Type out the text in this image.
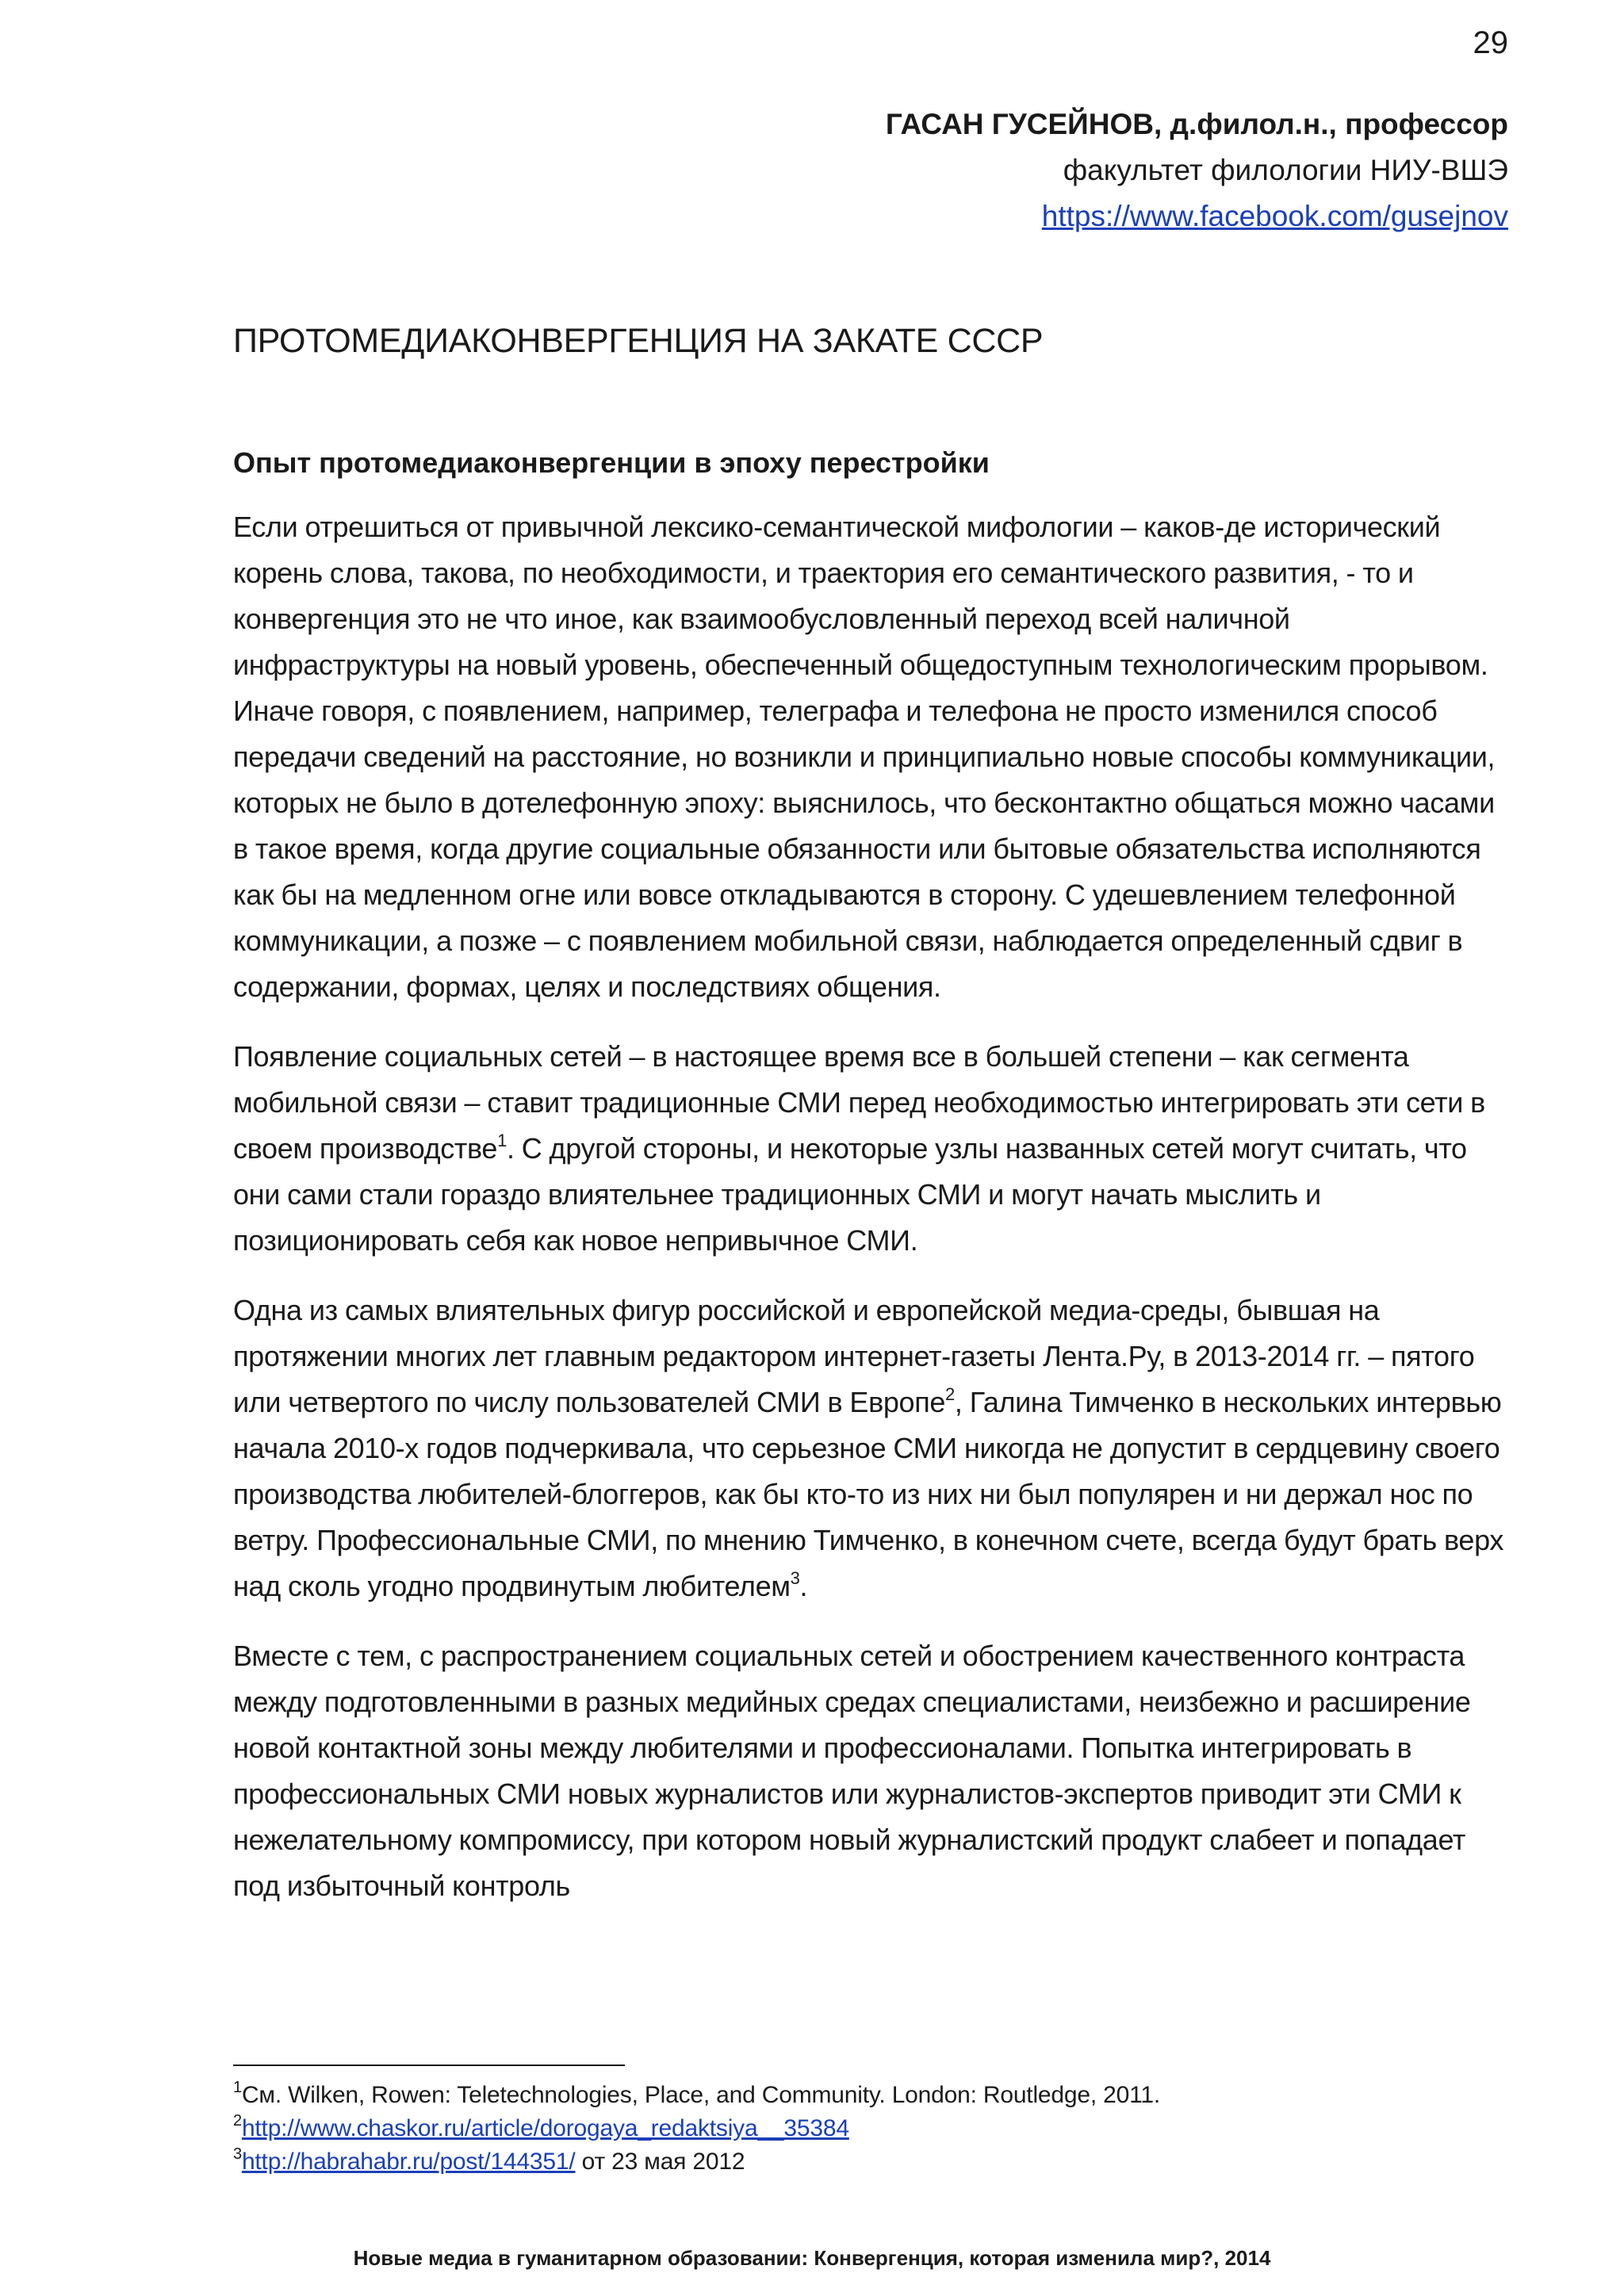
29
ГАСАН ГУСЕЙНОВ, д.филол.н., профессор
факультет филологии НИУ-ВШЭ
https://www.facebook.com/gusejnov
ПРОТОМЕДИАКОНВЕРГЕНЦИЯ НА ЗАКАТЕ СССР
Опыт протомедиаконвергенции в эпоху перестройки

Если отрешиться от привычной лексико-семантической мифологии – каков-де исторический корень слова, такова, по необходимости, и траектория его семантического развития, - то и конвергенция это не что иное, как взаимообусловленный переход всей наличной инфраструктуры на новый уровень, обеспеченный общедоступным технологическим прорывом. Иначе говоря, с появлением, например, телеграфа и телефона не просто изменился способ передачи сведений на расстояние, но возникли и принципиально новые способы коммуникации, которых не было в дотелефонную эпоху: выяснилось, что бесконтактно общаться можно часами в такое время, когда другие социальные обязанности или бытовые обязательства исполняются как бы на медленном огне или вовсе откладываются в сторону. С удешевлением телефонной коммуникации, а позже – с появлением мобильной связи, наблюдается определенный сдвиг в содержании, формах, целях и последствиях общения.

Появление социальных сетей – в настоящее время все в большей степени – как сегмента мобильной связи – ставит традиционные СМИ перед необходимостью интегрировать эти сети в своем производстве$^1$. С другой стороны, и некоторые узлы названных сетей могут считать, что они сами стали гораздо влиятельнее традиционных СМИ и могут начать мыслить и позиционировать себя как новое непривычное СМИ.

Одна из самых влиятельных фигур российской и европейской медиа-среды, бывшая на протяжении многих лет главным редактором интернет-газеты Лента.Ру, в 2013-2014 гг. – пятого или четвертого по числу пользователей СМИ в Европе$^2$, Галина Тимченко в нескольких интервью начала 2010-х годов подчеркивала, что серьезное СМИ никогда не допустит в сердцевину своего производства любителей-блоггеров, как бы кто-то из них ни был популярен и ни держал нос по ветру. Профессиональные СМИ, по мнению Тимченко, в конечном счете, всегда будут брать верх над сколь угодно продвинутым любителем$^3$.

Вместе с тем, с распространением социальных сетей и обострением качественного контраста между подготовленными в разных медийных средах специалистами, неизбежно и расширение новой контактной зоны между любителями и профессионалами. Попытка интегрировать в профессиональных СМИ новых журналистов или журналистов-экспертов приводит эти СМИ к нежелательному компромиссу, при котором новый журналистский продукт слабеет и попадает под избыточный контроль

$^1$См. Wilken, Rowen: Teletechnologies, Place, and Community. London: Routledge, 2011.
$^2$http://www.chaskor.ru/article/dorogaya_redaktsiya__35384
$^3$http://habrahabr.ru/post/144351/ от 23 мая 2012
Новые медиа в гуманитарном образовании: Конвергенция, которая изменила мир?, 2014
